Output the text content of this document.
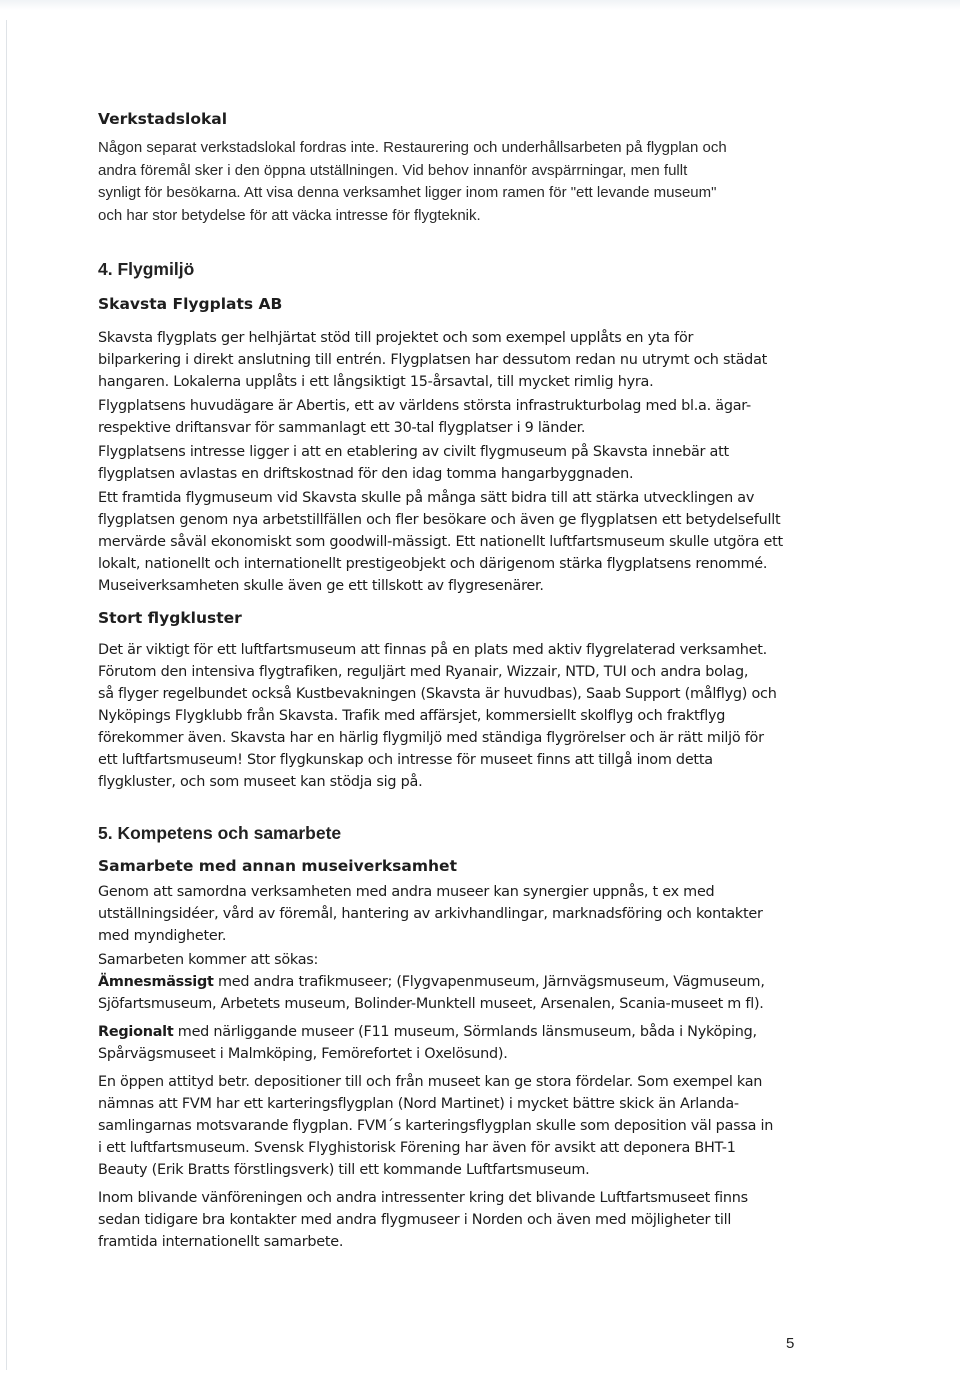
Verkstadslokal

Någon separat verkstadslokal fordras inte. Restaurering och underhållsarbeten på flygplan och
andra föremål sker i den öppna utställningen. Vid behov innanför avspärrningar, men fullt
synligt för besökarna. Att visa denna verksamhet ligger inom ramen för "ett levande museum"
och har stor betydelse för att väcka intresse för flygteknik.

4. Flygmiljö

Skavsta Flygplats AB

Skavsta flygplats ger helhjärtat stöd till projektet och som exempel upplåts en yta för
bilparkering i direkt anslutning till entrén. Flygplatsen har dessutom redan nu utrymt och städat
hangaren. Lokalerna upplåts i ett långsiktigt 15-årsavtal, till mycket rimlig hyra.

Flygplatsens huvudägare är Abertis, ett av världens största infrastrukturbolag med bl.a. ägar-
respektive driftansvar för sammanlagt ett 30-tal flygplatser i 9 länder.

Flygplatsens intresse ligger i att en etablering av civilt flygmuseum på Skavsta innebär att
flygplatsen avlastas en driftskostnad för den idag tomma hangarbyggnaden.

Ett framtida flygmuseum vid Skavsta skulle på många sätt bidra till att stärka utvecklingen av
flygplatsen genom nya arbetstillfällen och fler besökare och även ge flygplatsen ett betydelsefullt
mervärde såväl ekonomiskt som goodwill-mässigt. Ett nationellt luftfartsmuseum skulle utgöra ett
lokalt, nationellt och internationellt prestigeobjekt och därigenom stärka flygplatsens renommé.
Museiverksamheten skulle även ge ett tillskott av flygresenärer.

Stort flygkluster

Det är viktigt för ett luftfartsmuseum att finnas på en plats med aktiv flygrelaterad verksamhet.
Förutom den intensiva flygtrafiken, reguljärt med Ryanair, Wizzair, NTD, TUI och andra bolag,
så flyger regelbundet också Kustbevakningen (Skavsta är huvudbas), Saab Support (målflyg) och
Nyköpings Flygklubb från Skavsta. Trafik med affärsjet, kommersiellt skolflyg och fraktflyg
förekommer även. Skavsta har en härlig flygmiljö med ständiga flygrörelser och är rätt miljö för
ett luftfartsmuseum! Stor flygkunskap och intresse för museet finns att tillgå inom detta
flygkluster, och som museet kan stödja sig på.

5. Kompetens och samarbete

Samarbete med annan museiverksamhet

Genom att samordna verksamheten med andra museer kan synergier uppnås, t ex med
utställningsidéer, vård av föremål, hantering av arkivhandlingar, marknadsföring och kontakter
med myndigheter.

Samarbeten kommer att sökas:

Ämnesmässigt med andra trafikmuseer; (Flygvapenmuseum, Järnvägsmuseum, Vägmuseum,
Sjöfartsmuseum, Arbetets museum, Bolinder-Munktell museet, Arsenalen, Scania-museet m fl).

Regionalt med närliggande museer (F11 museum, Sörmlands länsmuseum, båda i Nyköping,
Spårvägsmuseet i Malmköping, Femörefortet i Oxelösund).

En öppen attityd betr. depositioner till och från museet kan ge stora fördelar. Som exempel kan
nämnas att FVM har ett karteringsflygplan (Nord Martinet) i mycket bättre skick än Arlanda-
samlingarnas motsvarande flygplan. FVM´s karteringsflygplan skulle som deposition väl passa in
i ett luftfartsmuseum. Svensk Flyghistorisk Förening har även för avsikt att deponera BHT-1
Beauty (Erik Bratts förstlingsverk) till ett kommande Luftfartsmuseum.

Inom blivande vänföreningen och andra intressenter kring det blivande Luftfartsmuseet finns
sedan tidigare bra kontakter med andra flygmuseer i Norden och även med möjligheter till
framtida internationellt samarbete.

5
